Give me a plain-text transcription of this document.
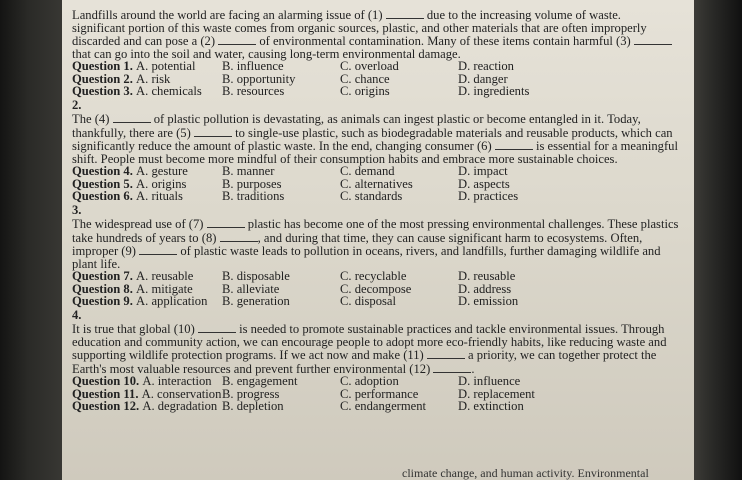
Landfills around the world are facing an alarming issue of (1)	due to the increasing volume of waste.

significant portion of this waste comes from organic sources, plastic, and other materials that are often improperly

discarded and can pose a (2)	of environmental contamination. Many of these items contain harmful (3)

that can go into the soil and water, causing long-term environmental damage.

Question 1. A. potential	B. influence	C. overload	D. reaction
Question 2. A. risk	B. opportunity	C. chance	D. danger
Question 3. A. chemicals	B. resources	C. origins	D. ingredients
2.

The (4)	of plastic pollution is devastating, as animals can ingest plastic or become entangled in it. Today,

thankfully, there are (5)	to single-use plastic, such as biodegradable materials and reusable products, which can

significantly reduce the amount of plastic waste. In the end, changing consumer (6)	is essential for a meaningful

shift. People must become more mindful of their consumption habits and embrace more sustainable choices.

Question 4. A. gesture	B. manner	C. demand	D. impact
Question 5. A. origins	B. purposes	C. alternatives	D. aspects
Question 6. A. rituals	B. traditions	C. standards	D. practices
3.

The widespread use of (7)	plastic has become one of the most pressing environmental challenges. These plastics

take hundreds of years to (8)	, and during that time, they can cause significant harm to ecosystems. Often,

improper (9)	of plastic waste leads to pollution in oceans, rivers, and landfills, further damaging wildlife and

plant life.

Question 7. A. reusable	B. disposable	C. recyclable	D. reusable
Question 8. A. mitigate	B. alleviate	C. decompose	D. address
Question 9. A. application	B. generation	C. disposal	D. emission
4.

It is true that global (10)	is needed to promote sustainable practices and tackle environmental issues. Through

education and community action, we can encourage people to adopt more eco-friendly habits, like reducing waste and

supporting wildlife protection programs. If we act now and make (11)	a priority, we can together protect the

Earth's most valuable resources and prevent further environmental (12)	.

Question 10. A. interaction B. engagement	C. adoption	D. influence
Question 11. A. conservation B. progress	C. performance	D. replacement
Question 12. A. degradation B. depletion	C. endangerment	D. extinction
climate change, and human activity. Environmental
